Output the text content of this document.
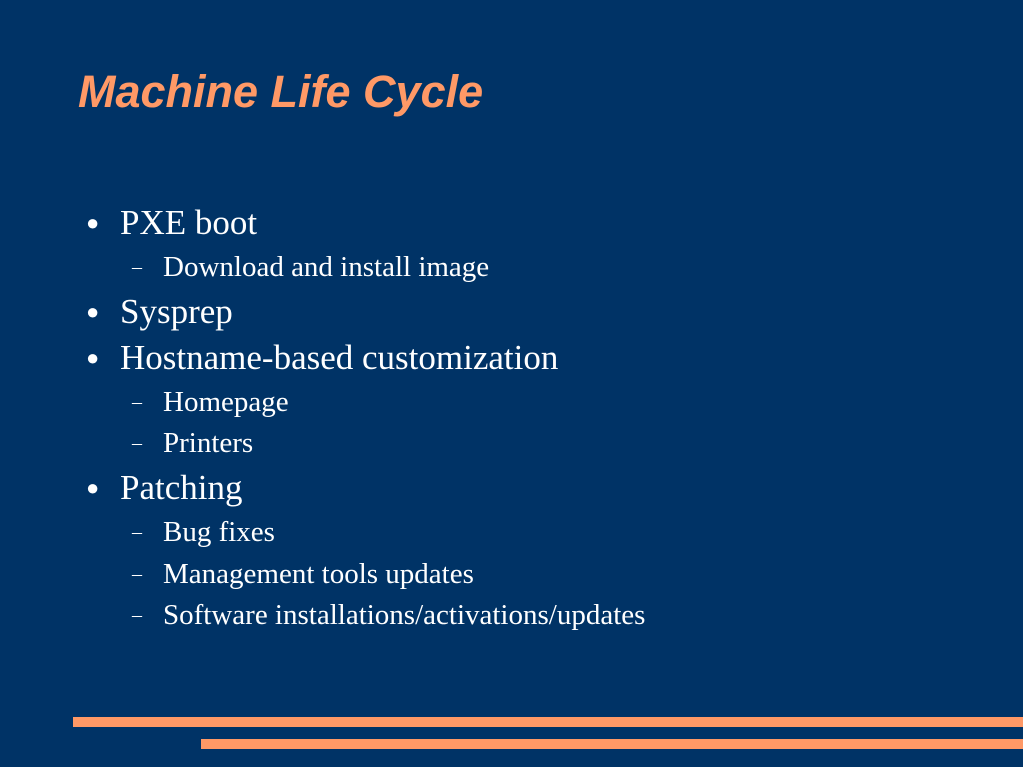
Machine Life Cycle
● PXE boot
– Download and install image
● Sysprep
● Hostname-based customization
– Homepage
– Printers
● Patching
– Bug fixes
– Management tools updates
– Software installations/activations/updates
